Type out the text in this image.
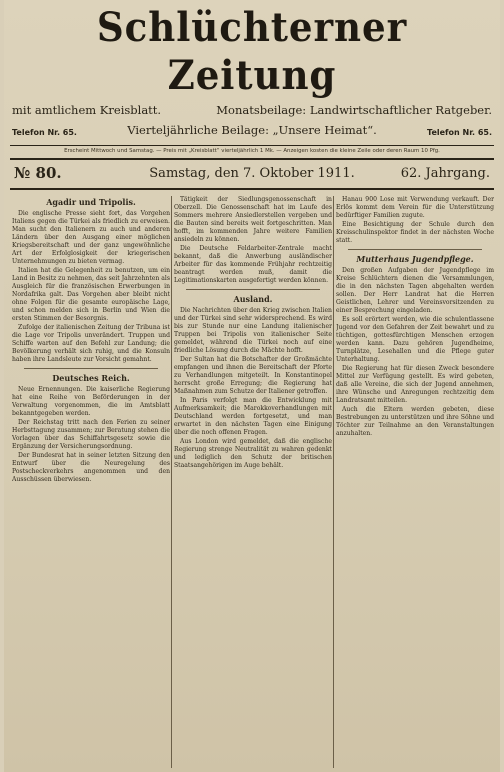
Schlüchterner Zeitung
mit amtlichem Kreisblatt.	Monatsbeilage: Landwirtschaftlicher Ratgeber.
Telefon Nr. 65.	Vierteljährliche Beilage: „Unsere Heimat“.	Telefon Nr. 65.
Erscheint Mittwoch und Samstag. — Preis mit „Kreisblatt“ vierteljährlich 1 Mk. — Anzeigen kosten die kleine Zeile oder deren Raum 10 Pfg.
№ 80.	Samstag, den 7. Oktober 1911.	62. Jahrgang.
Agadir und Tripolis.

Die englische Presse sieht fort, das Vorgehen Italiens gegen die Türkei als friedlich zu erweisen. Man sucht den Italienern zu auch und anderen Ländern über den Ausgang einer möglichen Kriegsbereitschaft und der ganz ungewöhnliche Art der Erfolglosigkeit der kriegerischen Unternehmungen zu bieten vermag.

Italien hat die Gelegenheit zu benutzen, um ein Land in Besitz zu nehmen, das seit Jahrzehnten als Ausgleich für die französischen Erwerbungen in Nordafrika galt. Das Vorgehen aber bleibt nicht ohne Folgen für die gesamte europäische Lage, und schon melden sich in Berlin und Wien die ersten Stimmen der Besorgnis.

Zufolge der italienischen Zeitung der Tribuna ist die Lage vor Tripolis unverändert. Truppen und Schiffe warten auf den Befehl zur Landung; die Bevölkerung verhält sich ruhig, und die Konsuln haben ihre Landsleute zur Vorsicht gemahnt.

Deutsches Reich.

Neue Ernennungen. Die kaiserliche Regierung hat eine Reihe von Beförderungen in der Verwaltung vorgenommen, die im Amtsblatt bekanntgegeben werden.

Der Reichstag tritt nach den Ferien zu seiner Herbsttagung zusammen; zur Beratung stehen die Vorlagen über das Schiffahrtsgesetz sowie die Ergänzung der Versicherungsordnung.

Der Bundesrat hat in seiner letzten Sitzung den Entwurf über die Neuregelung des Postscheckverkehrs angenommen und den Ausschüssen überwiesen.

Tätigkeit der Siedlungsgenossenschaft in Oberzell. Die Genossenschaft hat im Laufe des Sommers mehrere Ansiedlerstellen vergeben und die Bauten sind bereits weit fortgeschritten. Man hofft, im kommenden Jahre weitere Familien ansiedeln zu können.

Die Deutsche Feldarbeiter-Zentrale macht bekannt, daß die Anwerbung ausländischer Arbeiter für das kommende Frühjahr rechtzeitig beantragt werden muß, damit die Legitimationskarten ausgefertigt werden können.

Ausland.

Die Nachrichten über den Krieg zwischen Italien und der Türkei sind sehr widersprechend. Es wird bis zur Stunde nur eine Landung italienischer Truppen bei Tripolis von italienischer Seite gemeldet, während die Türkei noch auf eine friedliche Lösung durch die Mächte hofft.

Der Sultan hat die Botschafter der Großmächte empfangen und ihnen die Bereitschaft der Pforte zu Verhandlungen mitgeteilt. In Konstantinopel herrscht große Erregung; die Regierung hat Maßnahmen zum Schutze der Italiener getroffen.

In Paris verfolgt man die Entwicklung mit Aufmerksamkeit; die Marokkoverhandlungen mit Deutschland werden fortgesetzt, und man erwartet in den nächsten Tagen eine Einigung über die noch offenen Fragen.

Aus London wird gemeldet, daß die englische Regierung strenge Neutralität zu wahren gedenkt und lediglich den Schutz der britischen Staatsangehörigen im Auge behält.

Hanau 900 Lose mit Verwendung verkauft. Der Erlös kommt dem Verein für die Unterstützung bedürftiger Familien zugute.

Eine Besichtigung der Schule durch den Kreisschulinspektor findet in der nächsten Woche statt.

Mutterhaus Jugendpflege.

Den großen Aufgaben der Jugendpflege im Kreise Schlüchtern dienen die Versammlungen, die in den nächsten Tagen abgehalten werden sollen. Der Herr Landrat hat die Herren Geistlichen, Lehrer und Vereinsvorsitzenden zu einer Besprechung eingeladen.

Es soll erörtert werden, wie die schulentlassene Jugend vor den Gefahren der Zeit bewahrt und zu tüchtigen, gottesfürchtigen Menschen erzogen werden kann. Dazu gehören Jugendheime, Turnplätze, Lesehallen und die Pflege guter Unterhaltung.

Die Regierung hat für diesen Zweck besondere Mittel zur Verfügung gestellt. Es wird gebeten, daß alle Vereine, die sich der Jugend annehmen, ihre Wünsche und Anregungen rechtzeitig dem Landratsamt mitteilen.

Auch die Eltern werden gebeten, diese Bestrebungen zu unterstützen und ihre Söhne und Töchter zur Teilnahme an den Veranstaltungen anzuhalten.
